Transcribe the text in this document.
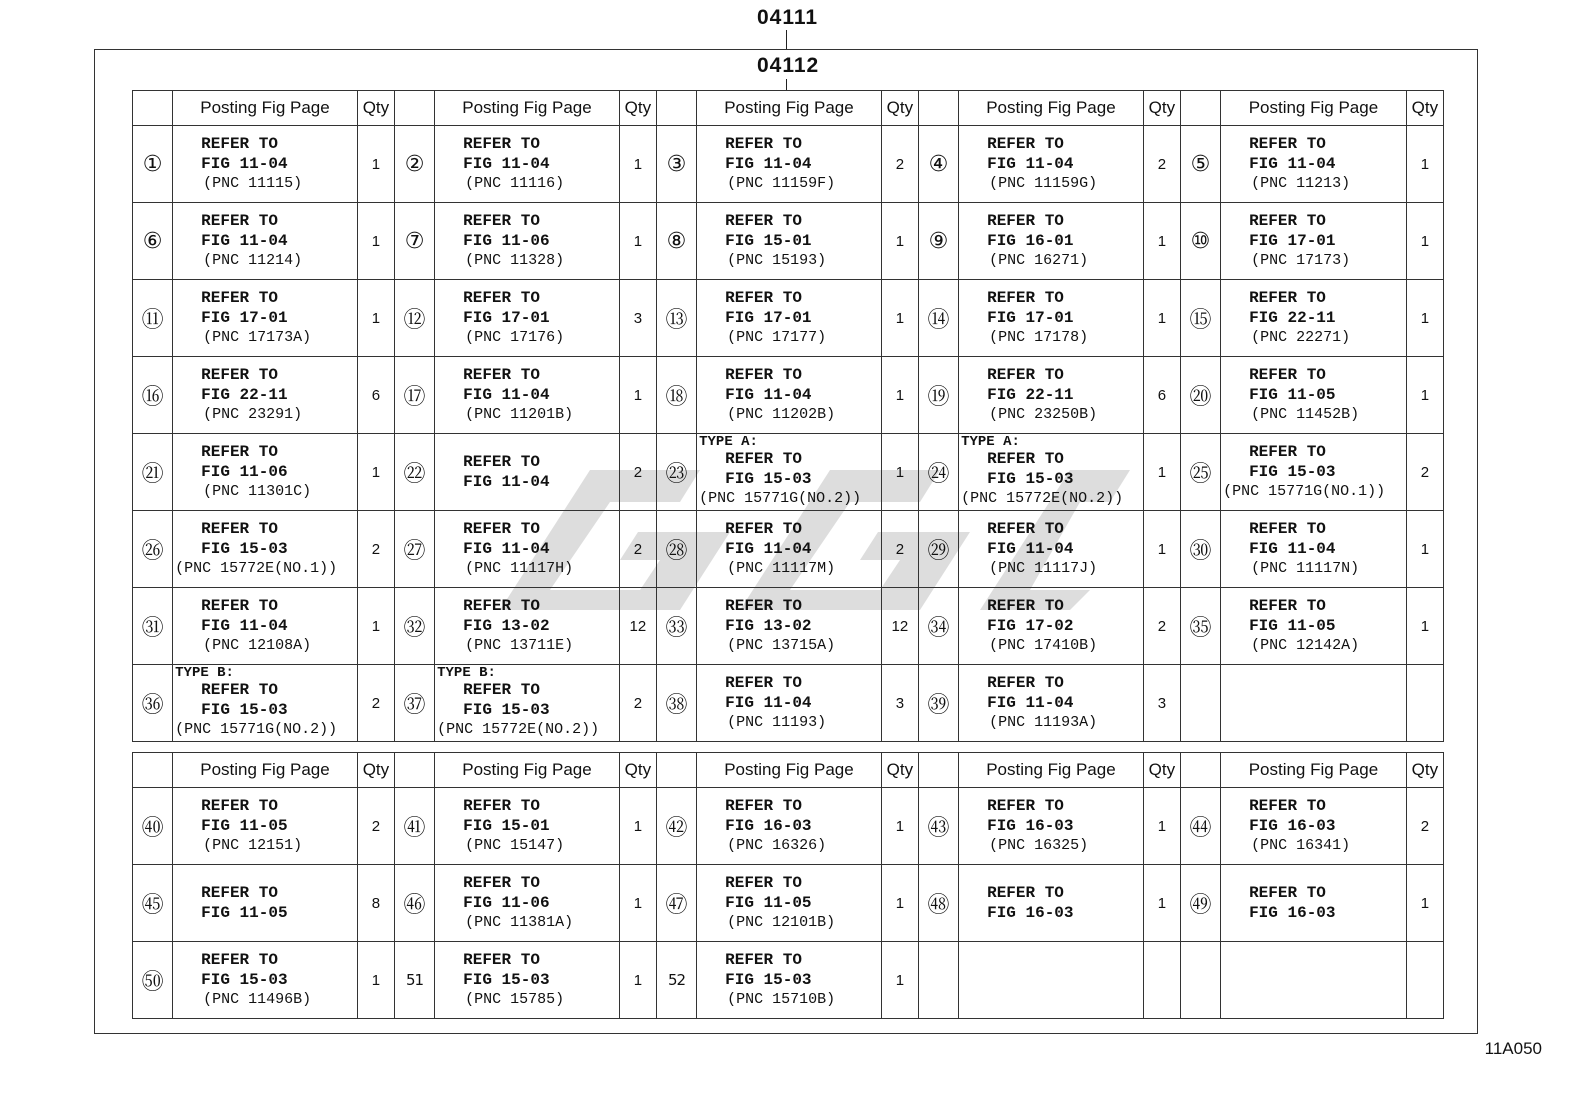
04111
04112
	Posting Fig Page	Qty		Posting Fig Page	Qty		Posting Fig Page	Qty		Posting Fig Page	Qty		Posting Fig Page	Qty
①	REFER TO
FIG 11-04
(PNC 11115)	1	②	REFER TO
FIG 11-04
(PNC 11116)	1	③	REFER TO
FIG 11-04
(PNC 11159F)	2	④	REFER TO
FIG 11-04
(PNC 11159G)	2	⑤	REFER TO
FIG 11-04
(PNC 11213)	1
⑥	REFER TO
FIG 11-04
(PNC 11214)	1	⑦	REFER TO
FIG 11-06
(PNC 11328)	1	⑧	REFER TO
FIG 15-01
(PNC 15193)	1	⑨	REFER TO
FIG 16-01
(PNC 16271)	1	⑩	REFER TO
FIG 17-01
(PNC 17173)	1
⑪	REFER TO
FIG 17-01
(PNC 17173A)	1	⑫	REFER TO
FIG 17-01
(PNC 17176)	3	⑬	REFER TO
FIG 17-01
(PNC 17177)	1	⑭	REFER TO
FIG 17-01
(PNC 17178)	1	⑮	REFER TO
FIG 22-11
(PNC 22271)	1
⑯	REFER TO
FIG 22-11
(PNC 23291)	6	⑰	REFER TO
FIG 11-04
(PNC 11201B)	1	⑱	REFER TO
FIG 11-04
(PNC 11202B)	1	⑲	REFER TO
FIG 22-11
(PNC 23250B)	6	⑳	REFER TO
FIG 11-05
(PNC 11452B)	1
㉑	REFER TO
FIG 11-06
(PNC 11301C)	1	㉒	REFER TO
FIG 11-04	2	㉓	TYPE A:
REFER TO
FIG 15-03
(PNC 15771G(NO.2))	1	㉔	TYPE A:
REFER TO
FIG 15-03
(PNC 15772E(NO.2))	1	㉕	REFER TO
FIG 15-03
(PNC 15771G(NO.1))	2
㉖	REFER TO
FIG 15-03
(PNC 15772E(NO.1))	2	㉗	REFER TO
FIG 11-04
(PNC 11117H)	2	㉘	REFER TO
FIG 11-04
(PNC 11117M)	2	㉙	REFER TO
FIG 11-04
(PNC 11117J)	1	㉚	REFER TO
FIG 11-04
(PNC 11117N)	1
㉛	REFER TO
FIG 11-04
(PNC 12108A)	1	㉜	REFER TO
FIG 13-02
(PNC 13711E)	12	㉝	REFER TO
FIG 13-02
(PNC 13715A)	12	㉞	REFER TO
FIG 17-02
(PNC 17410B)	2	㉟	REFER TO
FIG 11-05
(PNC 12142A)	1
㊱	TYPE B:
REFER TO
FIG 15-03
(PNC 15771G(NO.2))	2	㊲	TYPE B:
REFER TO
FIG 15-03
(PNC 15772E(NO.2))	2	㊳	REFER TO
FIG 11-04
(PNC 11193)	3	㊴	REFER TO
FIG 11-04
(PNC 11193A)	3		

	Posting Fig Page	Qty		Posting Fig Page	Qty		Posting Fig Page	Qty		Posting Fig Page	Qty		Posting Fig Page	Qty
㊵	REFER TO
FIG 11-05
(PNC 12151)	2	㊶	REFER TO
FIG 15-01
(PNC 15147)	1	㊷	REFER TO
FIG 16-03
(PNC 16326)	1	㊸	REFER TO
FIG 16-03
(PNC 16325)	1	㊹	REFER TO
FIG 16-03
(PNC 16341)	2
㊺	REFER TO
FIG 11-05	8	㊻	REFER TO
FIG 11-06
(PNC 11381A)	1	㊼	REFER TO
FIG 11-05
(PNC 12101B)	1	㊽	REFER TO
FIG 16-03	1	㊾	REFER TO
FIG 16-03	1
㊿	REFER TO
FIG 15-03
(PNC 11496B)	1	51	REFER TO
FIG 15-03
(PNC 15785)	1	52	REFER TO
FIG 15-03
(PNC 15710B)	1		

11A050
